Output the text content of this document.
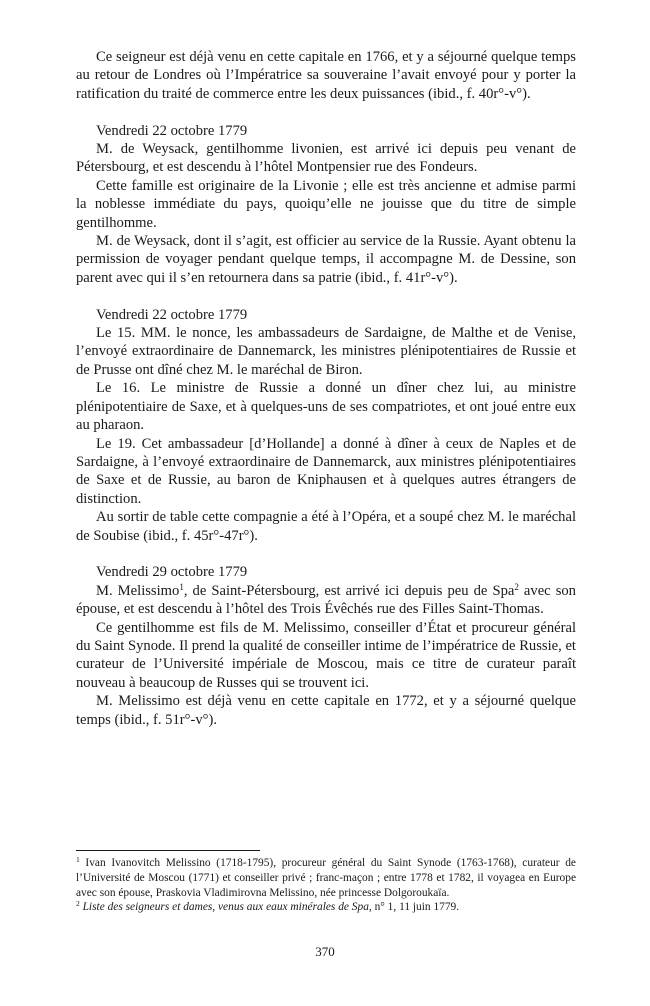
Ce seigneur est déjà venu en cette capitale en 1766, et y a séjourné quelque temps au retour de Londres où l’Impératrice sa souveraine l’avait envoyé pour y porter la ratification du traité de commerce entre les deux puissances (ibid., f. 40r°-v°).

Vendredi 22 octobre 1779

M. de Weysack, gentilhomme livonien, est arrivé ici depuis peu venant de Pétersbourg, et est descendu à l’hôtel Montpensier rue des Fondeurs.

Cette famille est originaire de la Livonie ; elle est très ancienne et admise parmi la noblesse immédiate du pays, quoiqu’elle ne jouisse que du titre de simple gentilhomme.

M. de Weysack, dont il s’agit, est officier au service de la Russie. Ayant obtenu la permission de voyager pendant quelque temps, il accompagne M. de Dessine, son parent avec qui il s’en retournera dans sa patrie (ibid., f. 41r°-v°).

Vendredi 22 octobre 1779

Le 15. MM. le nonce, les ambassadeurs de Sardaigne, de Malthe et de Venise, l’envoyé extraordinaire de Dannemarck, les ministres plénipotentiaires de Russie et de Prusse ont dîné chez M. le maréchal de Biron.

Le 16. Le ministre de Russie a donné un dîner chez lui, au ministre plénipotentiaire de Saxe, et à quelques-uns de ses compatriotes, et ont joué entre eux au pharaon.

Le 19. Cet ambassadeur [d’Hollande] a donné à dîner à ceux de Naples et de Sardaigne, à l’envoyé extraordinaire de Dannemarck, aux ministres plénipotentiaires de Saxe et de Russie, au baron de Kniphausen et à quelques autres étrangers de distinction.

Au sortir de table cette compagnie a été à l’Opéra, et a soupé chez M. le maréchal de Soubise (ibid., f. 45r°-47r°).

Vendredi 29 octobre 1779

M. Melissimo$^1$, de Saint-Pétersbourg, est arrivé ici depuis peu de Spa$^2$ avec son épouse, et est descendu à l’hôtel des Trois Évêchés rue des Filles Saint-Thomas.

Ce gentilhomme est fils de M. Melissimo, conseiller d’État et procureur général du Saint Synode. Il prend la qualité de conseiller intime de l’impératrice de Russie, et curateur de l’Université impériale de Moscou, mais ce titre de curateur paraît nouveau à beaucoup de Russes qui se trouvent ici.

M. Melissimo est déjà venu en cette capitale en 1772, et y a séjourné quelque temps (ibid., f. 51r°-v°).

$^1$ Ivan Ivanovitch Melissino (1718-1795), procureur général du Saint Synode (1763-1768), curateur de l’Université de Moscou (1771) et conseiller privé ; franc-maçon ; entre 1778 et 1782, il voyagea en Europe avec son épouse, Praskovia Vladimirovna Melissino, née princesse Dolgoroukaïa.

$^2$ Liste des seigneurs et dames, venus aux eaux minérales de Spa, n° 1, 11 juin 1779.

370
